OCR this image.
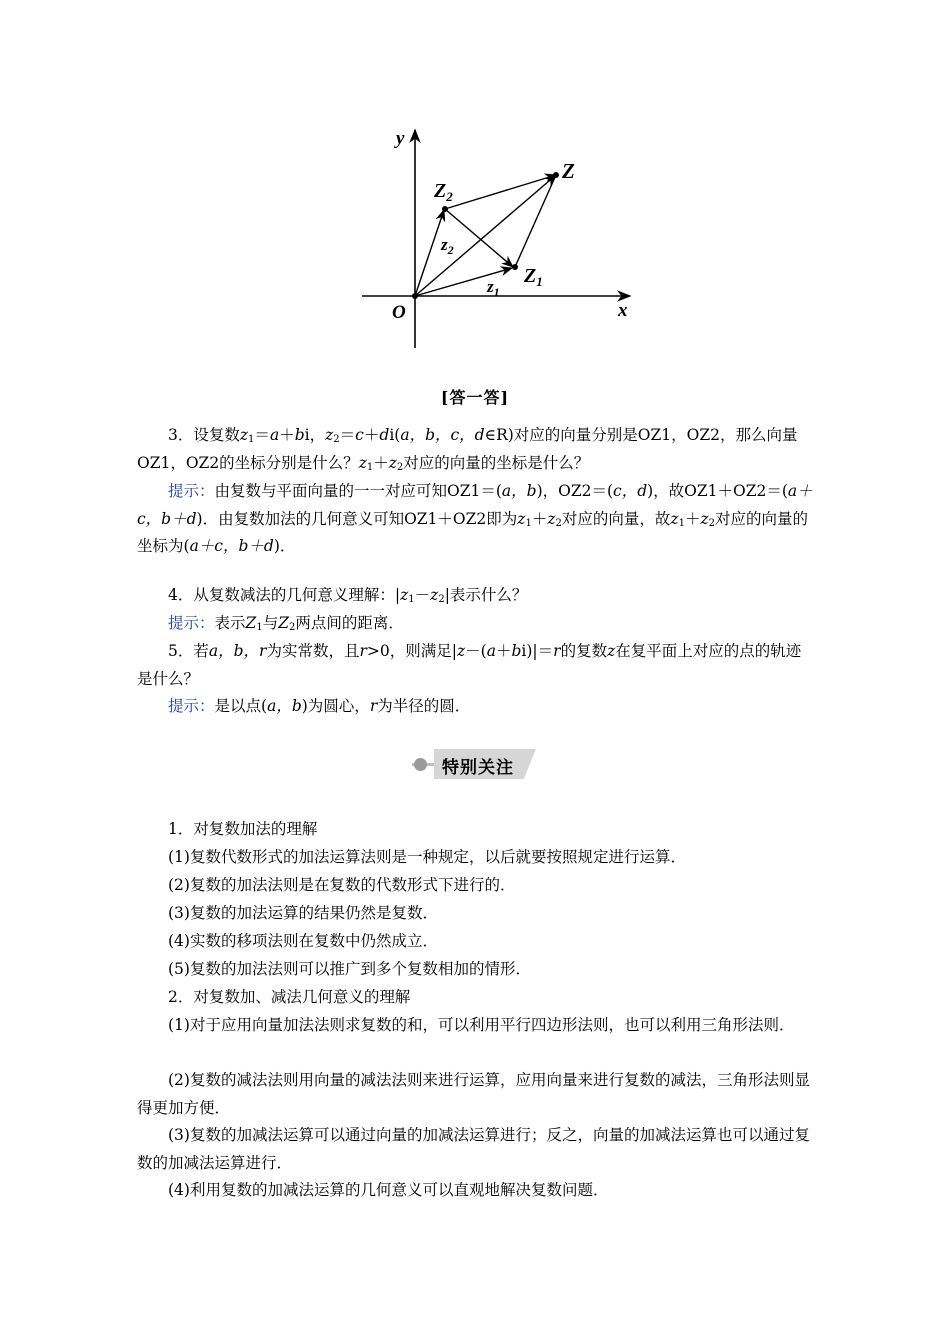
y
x
O
Z
$Z_1$
$Z_2$
$z_1$
$z_2$
[答一答]

3．设复数$z_1=a+bi$，$z_2=c+di(a$，b，c，d∈R)对应的向量分别是OZ1，OZ2，那么向量OZ1，OZ2的坐标分别是什么？$z_1+z_2$对应的向量的坐标是什么？

提示：由复数与平面向量的一一对应可知OZ1＝(a，b)，OZ2＝(c，d)，故OZ1＋OZ2＝(a＋c，b＋d)．由复数加法的几何意义可知OZ1＋OZ2即为$z_1+z_2$对应的向量，故$z_1+z_2$对应的向量的坐标为(a＋c，b＋d)．

4．从复数减法的几何意义理解：$|z_1-z_2|$表示什么？

提示：表示$Z_1$与$Z_2$两点间的距离．

5．若a，b，r为实常数，且r>0，则满足|z－(a＋bi)|＝r的复数z在复平面上对应的点的轨迹是什么？

提示：是以点(a，b)为圆心，r为半径的圆．

特别关注

1．对复数加法的理解

(1)复数代数形式的加法运算法则是一种规定，以后就要按照规定进行运算．

(2)复数的加法法则是在复数的代数形式下进行的．

(3)复数的加法运算的结果仍然是复数．

(4)实数的移项法则在复数中仍然成立．

(5)复数的加法法则可以推广到多个复数相加的情形．

2．对复数加、减法几何意义的理解

(1)对于应用向量加法法则求复数的和，可以利用平行四边形法则，也可以利用三角形法则．

(2)复数的减法法则用向量的减法法则来进行运算，应用向量来进行复数的减法，三角形法则显得更加方便．

(3)复数的加减法运算可以通过向量的加减法运算进行；反之，向量的加减法运算也可以通过复数的加减法运算进行．

(4)利用复数的加减法运算的几何意义可以直观地解决复数问题．
